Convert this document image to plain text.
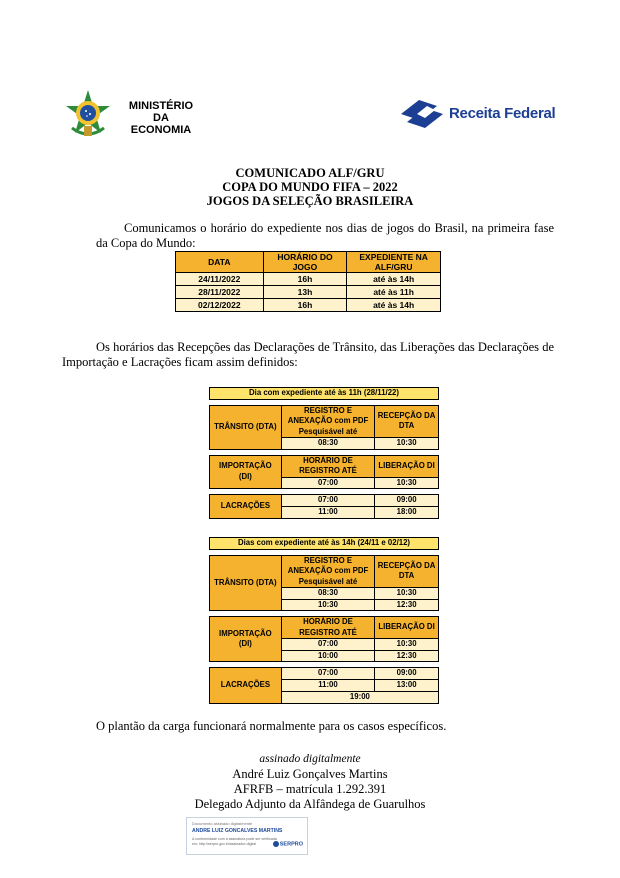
MINISTÉRIO DA
ECONOMIA
Receita Federal
COMUNICADO ALF/GRU
COPA DO MUNDO FIFA – 2022
JOGOS DA SELEÇÃO BRASILEIRA
Comunicamos o horário do expediente nos dias de jogos do Brasil, na primeira fase da Copa do Mundo:
DATA	HORÁRIO DO JOGO	EXPEDIENTE NA ALF/GRU
24/11/2022	16h	até às 14h
28/11/2022	13h	até às 11h
02/12/2022	16h	até às 14h
Os horários das Recepções das Declarações de Trânsito, das Liberações das Declarações de Importação e Lacrações ficam assim definidos:
Dia com expediente até às 11h (28/11/22)		

TRÂNSITO (DTA)	REGISTRO E ANEXAÇÃO com PDF Pesquisável até	RECEPÇÃO DA DTA

	08:30	10:30

IMPORTAÇÃO (DI)	HORÁRIO DE REGISTRO ATÉ	LIBERAÇÃO DI

	07:00	10:30

LACRAÇÕES	07:00	09:00
	11:00	18:00
Dias com expediente até às 14h (24/11 e 02/12)		

TRÂNSITO (DTA)	REGISTRO E ANEXAÇÃO com PDF Pesquisável até	RECEPÇÃO DA DTA

	08:30	10:30
	10:30	12:30

IMPORTAÇÃO (DI)	HORÁRIO DE REGISTRO ATÉ	LIBERAÇÃO DI

	07:00	10:30
	10:00	12:30

LACRAÇÕES	07:00	09:00
	11:00	13:00
	19:00	
O plantão da carga funcionará normalmente para os casos específicos.
assinado digitalmente
André Luiz Gonçalves Martins
AFRFB – matrícula 1.292.391
Delegado Adjunto da Alfândega de Guarulhos
Documento assinado digitalmente
ANDRE LUIZ GONCALVES MARTINS
A conformidade com a assinatura pode ser verificada em: http://serpro.gov.br/assinador-digital	SERPRO
